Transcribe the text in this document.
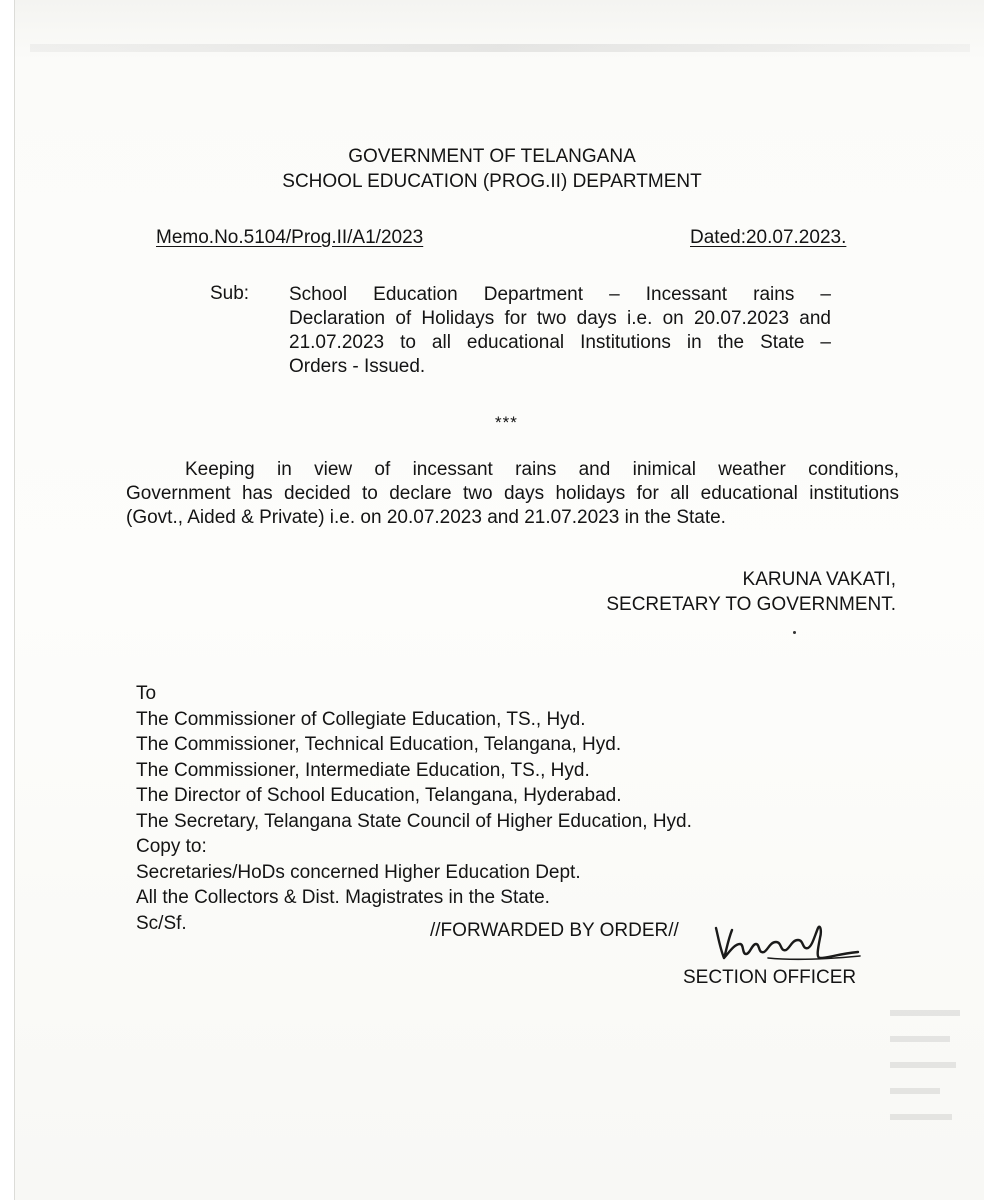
GOVERNMENT OF TELANGANA
SCHOOL EDUCATION (PROG.II) DEPARTMENT
Memo.No.5104/Prog.II/A1/2023	Dated:20.07.2023.
Sub: School Education Department – Incessant rains –
Declaration of Holidays for two days i.e. on 20.07.2023 and
21.07.2023 to all educational Institutions in the State –
Orders - Issued.
***
Keeping in view of incessant rains and inimical weather conditions,
Government has decided to declare two days holidays for all educational institutions
(Govt., Aided & Private) i.e. on 20.07.2023 and 21.07.2023 in the State.
KARUNA VAKATI,
SECRETARY TO GOVERNMENT.
To
The Commissioner of Collegiate Education, TS., Hyd.
The Commissioner, Technical Education, Telangana, Hyd.
The Commissioner, Intermediate Education, TS., Hyd.
The Director of School Education, Telangana, Hyderabad.
The Secretary, Telangana State Council of Higher Education, Hyd.
Copy to:
Secretaries/HoDs concerned Higher Education Dept.
All the Collectors & Dist. Magistrates in the State.
Sc/Sf.	//FORWARDED BY ORDER//
SECTION OFFICER
